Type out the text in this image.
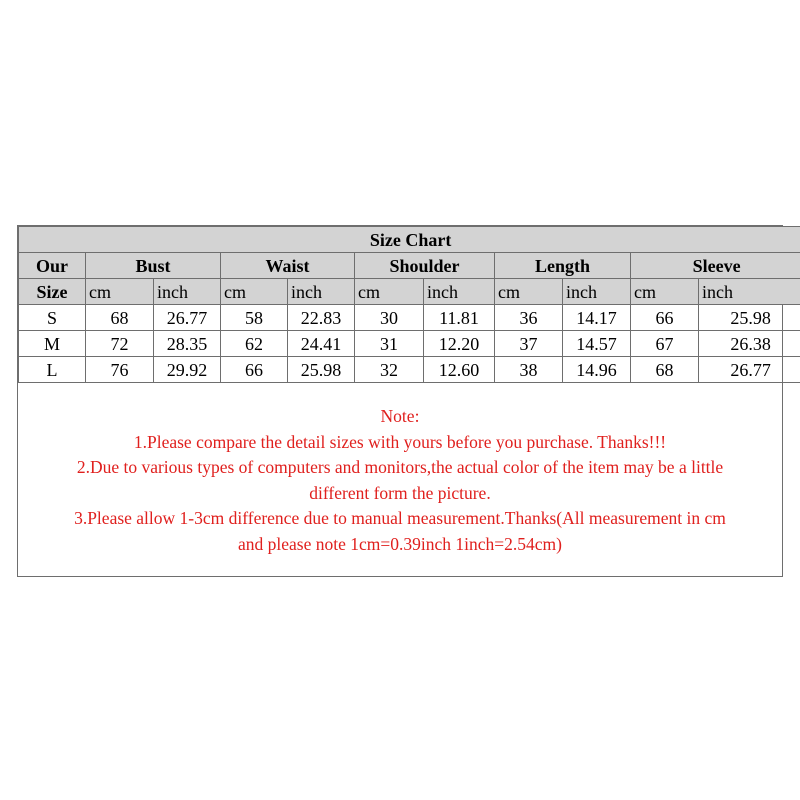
Size Chart										
Our	Bust		Waist		Shoulder		Length		Sleeve	
Size	cm	inch	cm	inch	cm	inch	cm	inch	cm	inch
S	68	26.77	58	22.83	30	11.81	36	14.17	66	25.98
M	72	28.35	62	24.41	31	12.20	37	14.57	67	26.38
L	76	29.92	66	25.98	32	12.60	38	14.96	68	26.77
Note:
1.Please compare the detail sizes with yours before you purchase. Thanks!!!
2.Due to various types of computers and monitors,the actual color of the item may be a little
different form the picture.
3.Please allow 1-3cm difference due to manual measurement.Thanks(All measurement in cm
and please note 1cm=0.39inch 1inch=2.54cm)
